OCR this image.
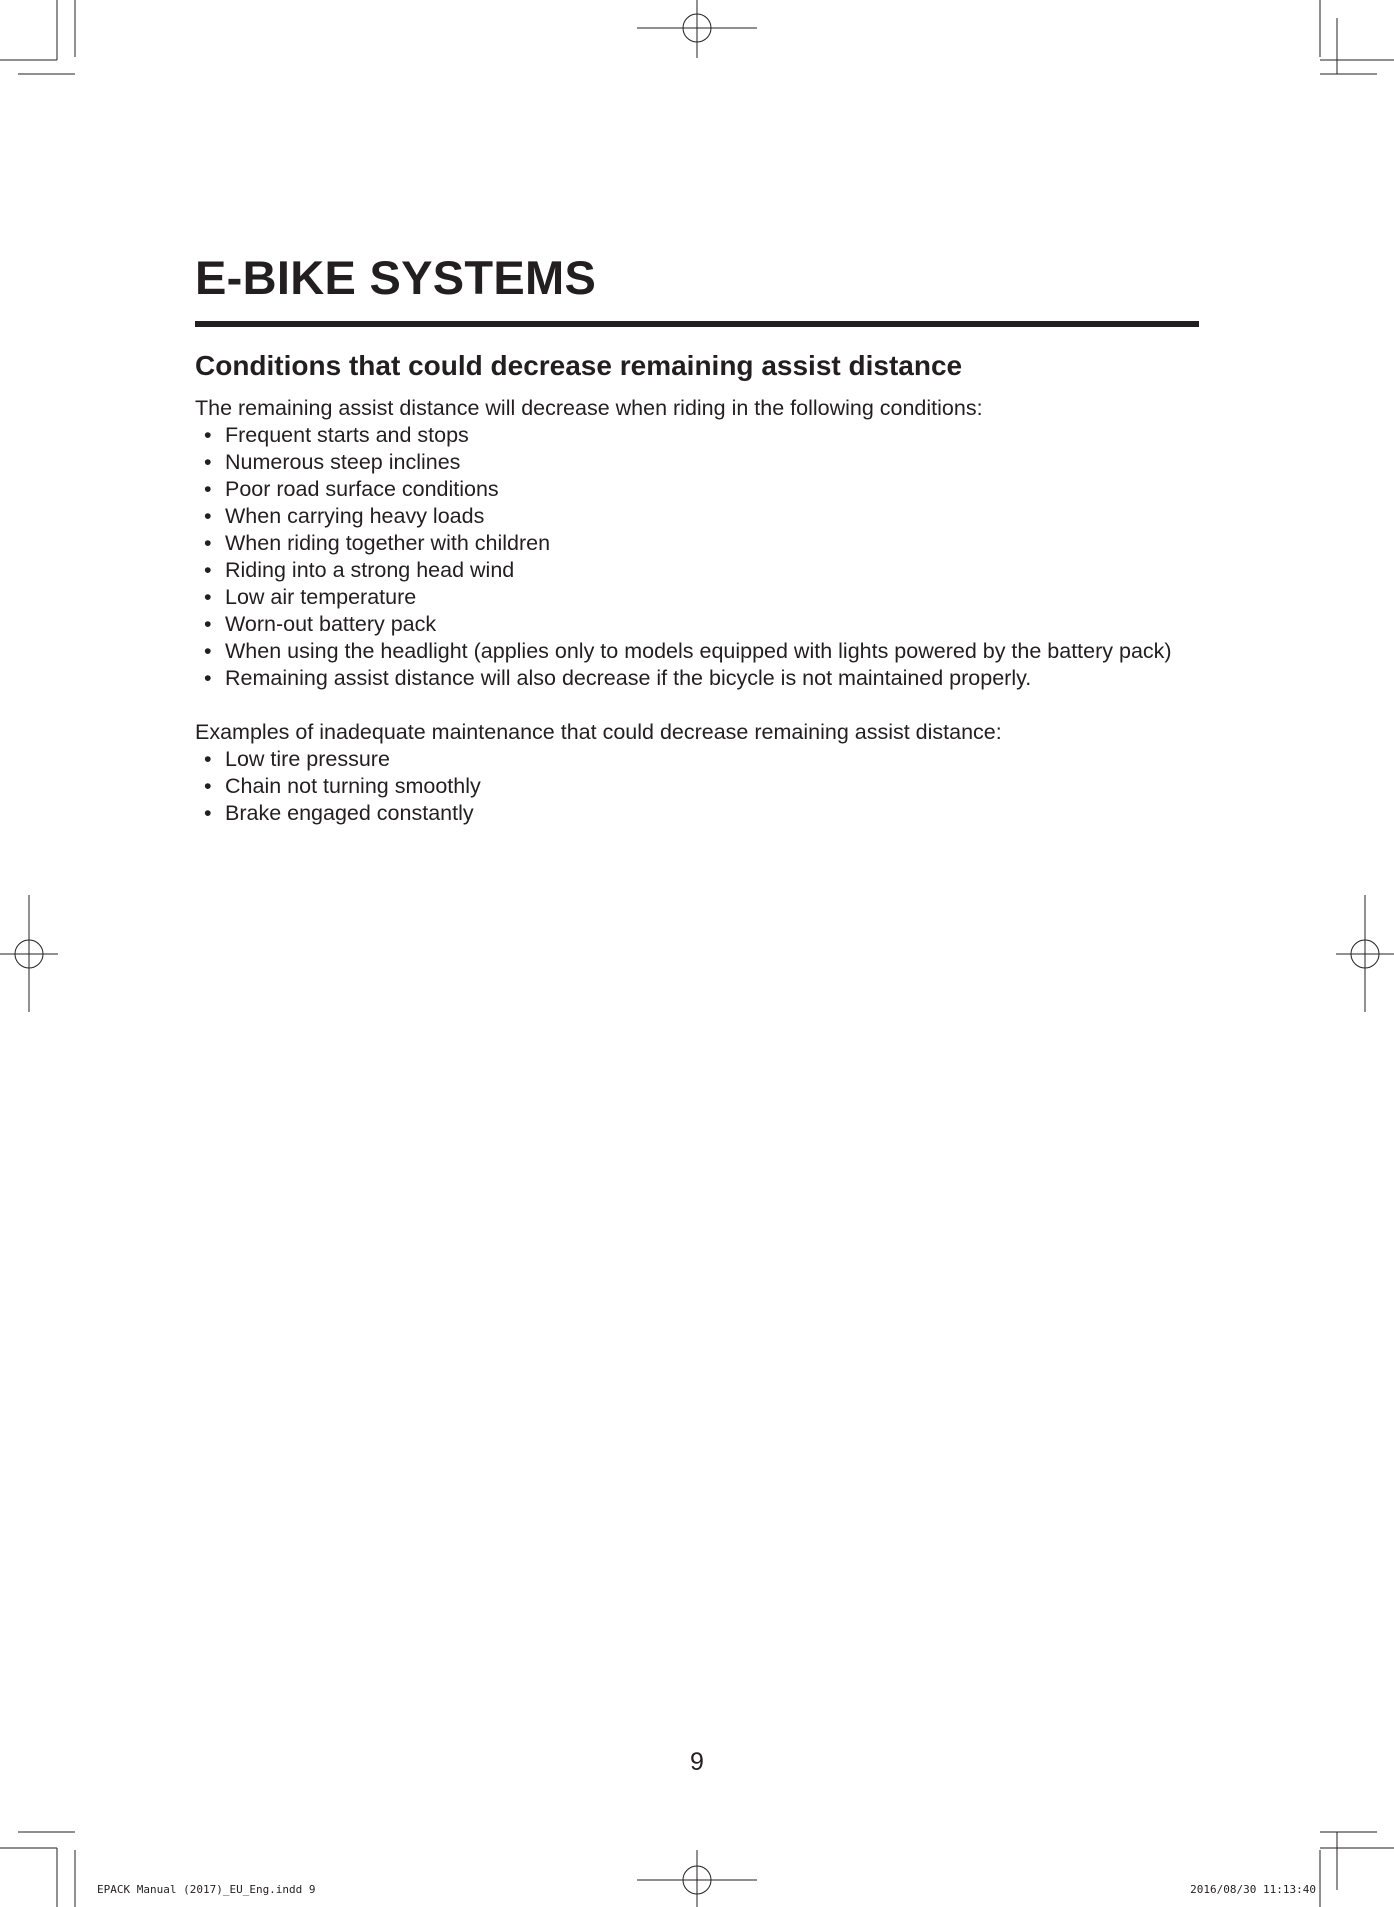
E-BIKE SYSTEMS
Conditions that could decrease remaining assist distance

The remaining assist distance will decrease when riding in the following conditions:

• Frequent starts and stops
• Numerous steep inclines
• Poor road surface conditions
• When carrying heavy loads
• When riding together with children
• Riding into a strong head wind
• Low air temperature
• Worn-out battery pack
• When using the headlight (applies only to models equipped with lights powered by the battery pack)
• Remaining assist distance will also decrease if the bicycle is not maintained properly.

Examples of inadequate maintenance that could decrease remaining assist distance:

• Low tire pressure
• Chain not turning smoothly
• Brake engaged constantly
9
EPACK Manual (2017)_EU_Eng.indd 9	2016/08/30 11:13:40
